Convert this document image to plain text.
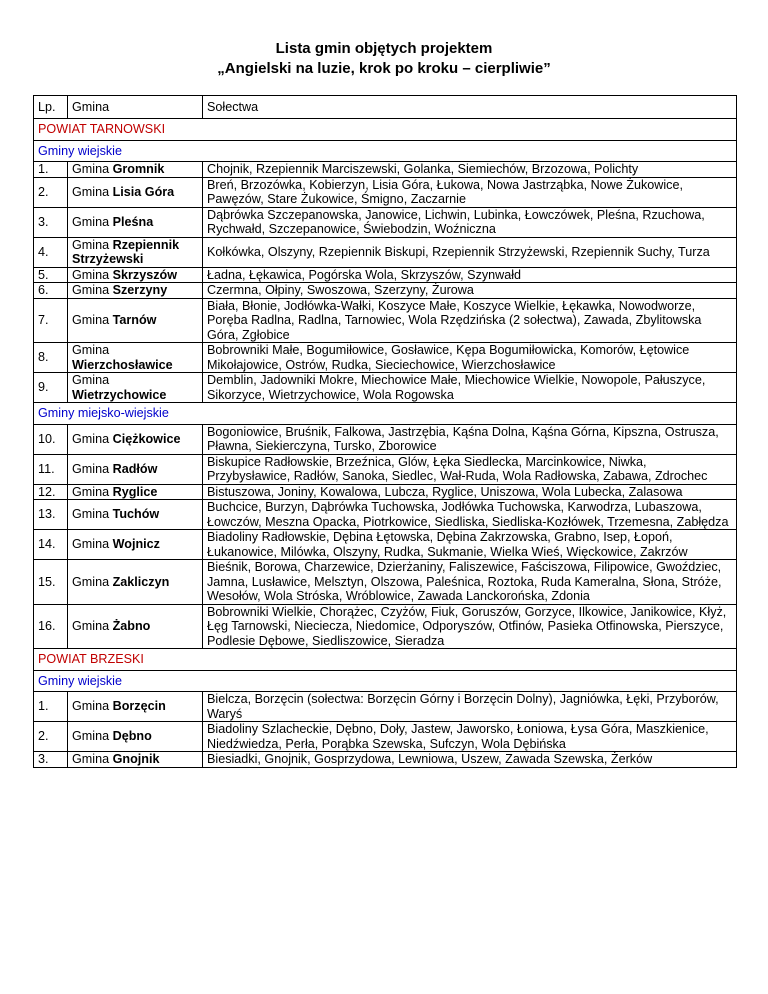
Lista gmin objętych projektem
„Angielski na luzie, krok po kroku – cierpliwie”
Lp.	Gmina	Sołectwa
POWIAT TARNOWSKI		
Gminy wiejskie		
1.	Gmina Gromnik	Chojnik, Rzepiennik Marciszewski, Golanka, Siemiechów, Brzozowa, Polichty
2.	Gmina Lisia Góra	Breń, Brzozówka, Kobierzyn, Lisia Góra, Łukowa, Nowa Jastrząbka, Nowe Żukowice, Pawęzów, Stare Żukowice, Śmigno, Zaczarnie
3.	Gmina Pleśna	Dąbrówka Szczepanowska, Janowice, Lichwin, Lubinka, Łowczówek, Pleśna, Rzuchowa, Rychwałd, Szczepanowice, Świebodzin, Woźniczna
4.	Gmina Rzepiennik Strzyżewski	Kołkówka, Olszyny, Rzepiennik Biskupi, Rzepiennik Strzyżewski, Rzepiennik Suchy, Turza
5.	Gmina Skrzyszów	Ładna, Łękawica, Pogórska Wola, Skrzyszów, Szynwałd
6.	Gmina Szerzyny	Czermna, Ołpiny, Swoszowa, Szerzyny, Żurowa
7.	Gmina Tarnów	Biała, Błonie, Jodłówka-Wałki, Koszyce Małe, Koszyce Wielkie, Łękawka, Nowodworze, Poręba Radlna, Radlna, Tarnowiec, Wola Rzędzińska (2 sołectwa), Zawada, Zbylitowska Góra, Zgłobice
8.	Gmina Wierzchosławice	Bobrowniki Małe, Bogumiłowice, Gosławice, Kępa Bogumiłowicka, Komorów, Łętowice Mikołajowice, Ostrów, Rudka, Sieciechowice, Wierzchosławice
9.	Gmina Wietrzychowice	Demblin, Jadowniki Mokre, Miechowice Małe, Miechowice Wielkie, Nowopole, Pałuszyce, Sikorzyce, Wietrzychowice, Wola Rogowska
Gminy miejsko-wiejskie		
10.	Gmina Ciężkowice	Bogoniowice, Bruśnik, Falkowa, Jastrzębia, Kąśna Dolna, Kąśna Górna, Kipszna, Ostrusza, Pławna, Siekierczyna, Tursko, Zborowice
11.	Gmina Radłów	Biskupice Radłowskie, Brzeźnica, Glów, Łęka Siedlecka, Marcinkowice, Niwka, Przybysławice, Radłów, Sanoka, Siedlec, Wał-Ruda, Wola Radłowska, Zabawa, Zdrochec
12.	Gmina Ryglice	Bistuszowa, Joniny, Kowalowa, Lubcza, Ryglice, Uniszowa, Wola Lubecka, Zalasowa
13.	Gmina Tuchów	Buchcice, Burzyn, Dąbrówka Tuchowska, Jodłówka Tuchowska, Karwodrza, Lubaszowa, Łowczów, Meszna Opacka, Piotrkowice, Siedliska, Siedliska-Kozłówek, Trzemesna, Zabłędza
14.	Gmina Wojnicz	Biadoliny Radłowskie, Dębina Łętowska, Dębina Zakrzowska, Grabno, Isep, Łopoń, Łukanowice, Milówka, Olszyny, Rudka, Sukmanie, Wielka Wieś, Więckowice, Zakrzów
15.	Gmina Zakliczyn	Bieśnik, Borowa, Charzewice, Dzierżaniny, Faliszewice, Faściszowa, Filipowice, Gwoździec, Jamna, Lusławice, Melsztyn, Olszowa, Paleśnica, Roztoka, Ruda Kameralna, Słona, Stróże, Wesołów, Wola Stróska, Wróblowice, Zawada Lanckorońska, Zdonia
16.	Gmina Żabno	Bobrowniki Wielkie, Chorążec, Czyżów, Fiuk, Goruszów, Gorzyce, Ilkowice, Janikowice, Kłyż, Łęg Tarnowski, Nieciecza, Niedomice, Odporyszów, Otfinów, Pasieka Otfinowska, Pierszyce, Podlesie Dębowe, Siedliszowice, Sieradza
POWIAT BRZESKI		
Gminy wiejskie		
1.	Gmina Borzęcin	Bielcza, Borzęcin (sołectwa: Borzęcin Górny i Borzęcin Dolny), Jagniówka, Łęki, Przyborów, Waryś
2.	Gmina Dębno	Biadoliny Szlacheckie, Dębno, Doły, Jastew, Jaworsko, Łoniowa, Łysa Góra, Maszkienice, Niedźwiedza, Perła, Porąbka Szewska, Sufczyn, Wola Dębińska
3.	Gmina Gnojnik	Biesiadki, Gnojnik, Gosprzydowa, Lewniowa, Uszew, Zawada Szewska, Żerków
